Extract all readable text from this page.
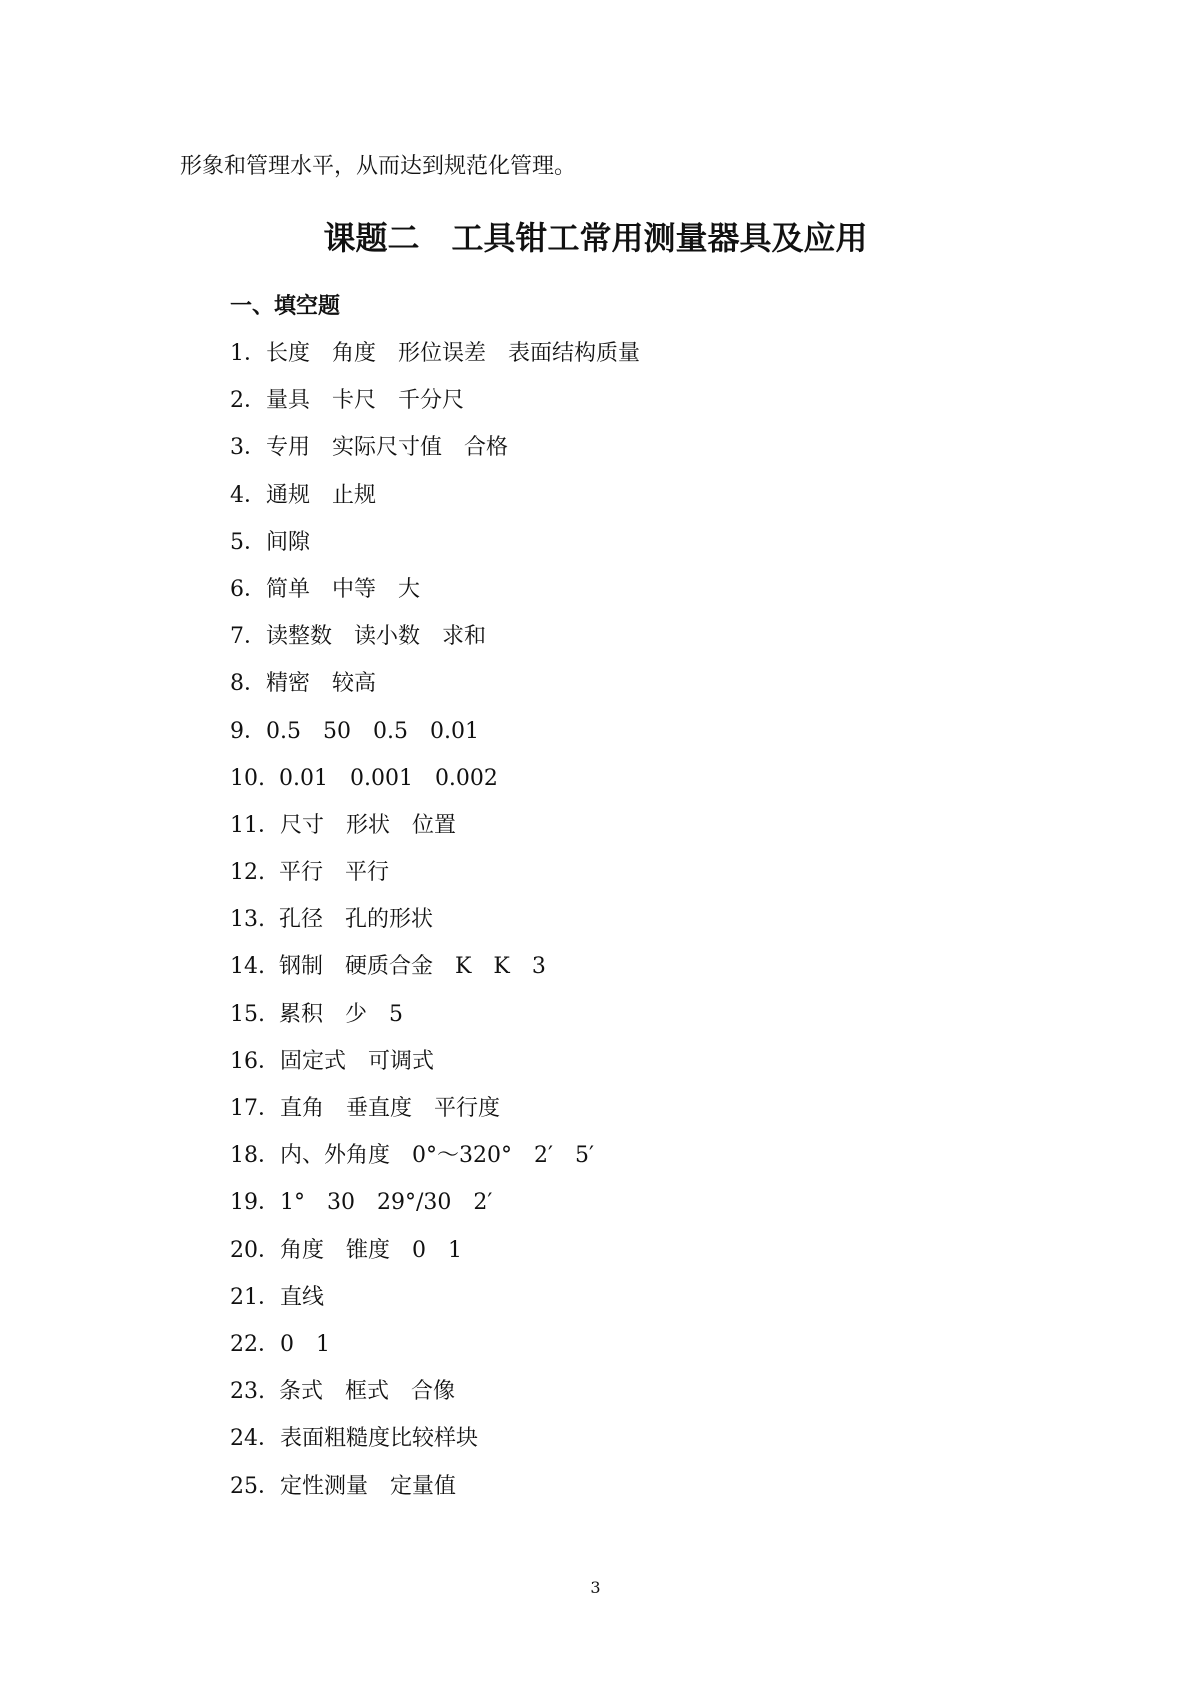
形象和管理水平，从而达到规范化管理。
课题二　工具钳工常用测量器具及应用
一、填空题
1．长度　角度　形位误差　表面结构质量
2．量具　卡尺　千分尺
3．专用　实际尺寸值　合格
4．通规　止规
5．间隙
6．简单　中等　大
7．读整数　读小数　求和
8．精密　较高
9．0.5　50　0.5　0.01
10.  0.01　0.001　0.002
11．尺寸　形状　位置
12.  平行　平行
13.  孔径　孔的形状
14.  钢制　硬质合金　K　K　3
15.  累积　少　5
16．固定式　可调式
17．直角　垂直度　平行度
18．内、外角度　0°～320°　2′　5′
19．1°　30　29°/30　2′
20．角度　锥度　0　1
21．直线
22．0　1
23.  条式　框式　合像
24．表面粗糙度比较样块
25．定性测量　定量值
3
